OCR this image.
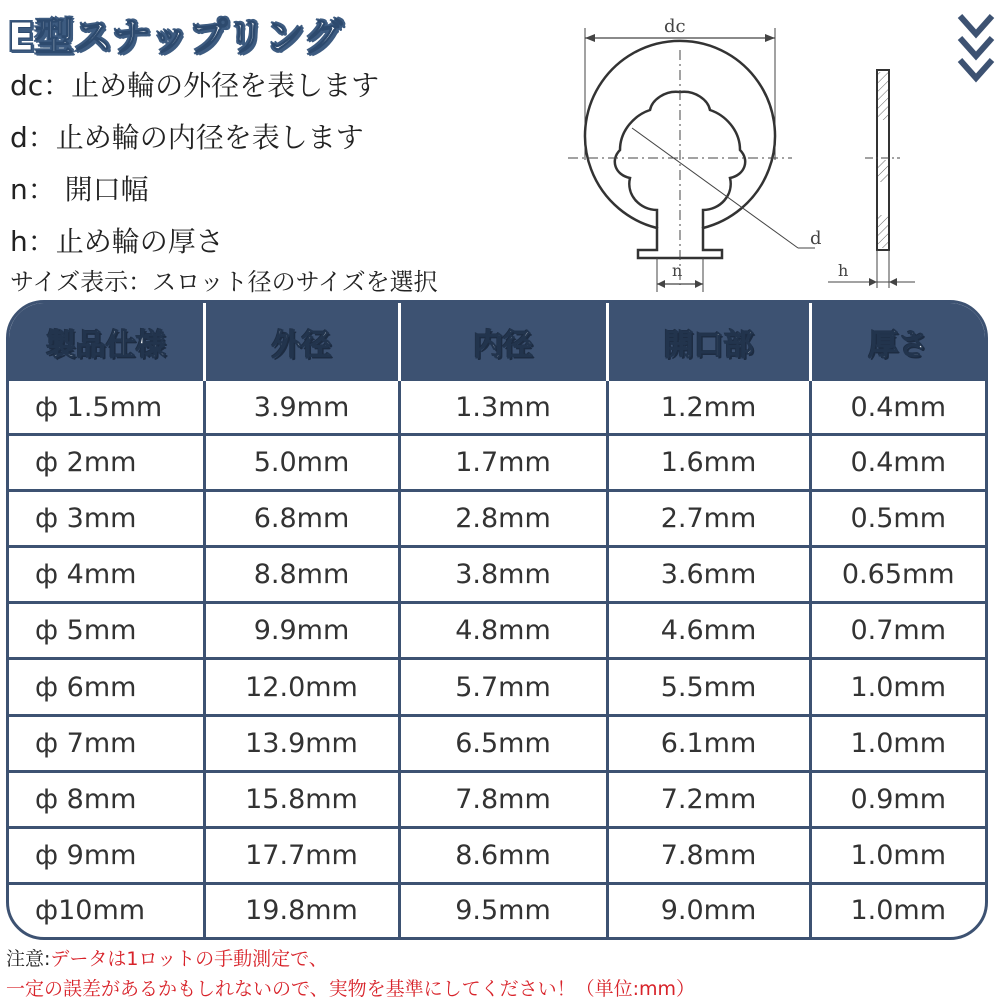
E型スナップリング
dc：止め輪の外径を表します
d：止め輪の内径を表します
n： 開口幅
h：止め輪の厚さ
サイズ表示：スロット径のサイズを選択
dc
d
n	h
製品仕様	外径	内径	開口部	厚さ
ф 1.5mm	3.9mm	1.3mm	1.2mm	0.4mm
ф 2mm	5.0mm	1.7mm	1.6mm	0.4mm
ф 3mm	6.8mm	2.8mm	2.7mm	0.5mm
ф 4mm	8.8mm	3.8mm	3.6mm	0.65mm
ф 5mm	9.9mm	4.8mm	4.6mm	0.7mm
ф 6mm	12.0mm	5.7mm	5.5mm	1.0mm
ф 7mm	13.9mm	6.5mm	6.1mm	1.0mm
ф 8mm	15.8mm	7.8mm	7.2mm	0.9mm
ф 9mm	17.7mm	8.6mm	7.8mm	1.0mm
ф10mm	19.8mm	9.5mm	9.0mm	1.0mm
注意:データは1ロットの手動測定で、
一定の誤差があるかもしれないので、実物を基準にしてください！（単位:mm）
